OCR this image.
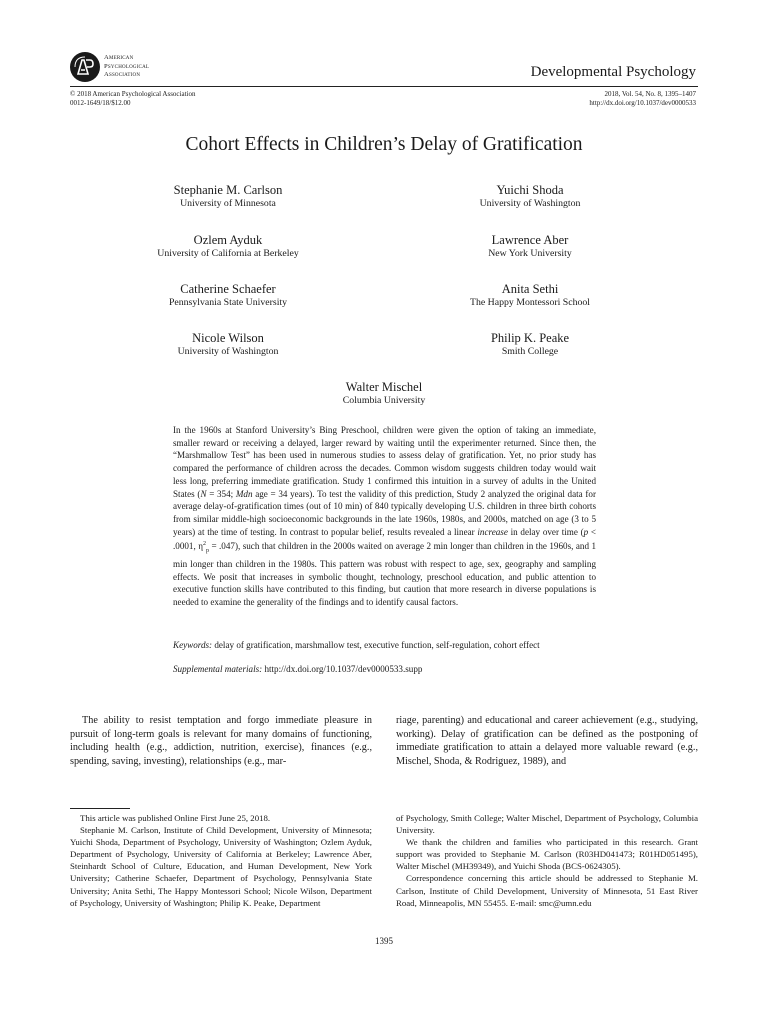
American
Psychological
Association	Developmental Psychology
© 2018 American Psychological Association
0012-1649/18/$12.00
2018, Vol. 54, No. 8, 1395–1407
http://dx.doi.org/10.1037/dev0000533
Cohort Effects in Children’s Delay of Gratification
Stephanie M. Carlson
University of Minnesota
Yuichi Shoda
University of Washington
Ozlem Ayduk
University of California at Berkeley
Lawrence Aber
New York University
Catherine Schaefer
Pennsylvania State University
Anita Sethi
The Happy Montessori School
Nicole Wilson
University of Washington
Philip K. Peake
Smith College
Walter Mischel
Columbia University

In the 1960s at Stanford University’s Bing Preschool, children were given the option of taking an immediate, smaller reward or receiving a delayed, larger reward by waiting until the experimenter returned. Since then, the “Marshmallow Test” has been used in numerous studies to assess delay of gratification. Yet, no prior study has compared the performance of children across the decades. Common wisdom suggests children today would wait less long, preferring immediate gratification. Study 1 confirmed this intuition in a survey of adults in the United States (N = 354; Mdn age = 34 years). To test the validity of this prediction, Study 2 analyzed the original data for average delay-of-gratification times (out of 10 min) of 840 typically developing U.S. children in three birth cohorts from similar middle-high socioeconomic backgrounds in the late 1960s, 1980s, and 2000s, matched on age (3 to 5 years) at the time of testing. In contrast to popular belief, results revealed a linear increase in delay over time (p < .0001, $\eta^2_p = .047$), such that children in the 2000s waited on average 2 min longer than children in the 1960s, and 1 min longer than children in the 1980s. This pattern was robust with respect to age, sex, geography and sampling effects. We posit that increases in symbolic thought, technology, preschool education, and public attention to executive function skills have contributed to this finding, but caution that more research in diverse populations is needed to examine the generality of the findings and to identify causal factors.

Keywords: delay of gratification, marshmallow test, executive function, self-regulation, cohort effect
Supplemental materials: http://dx.doi.org/10.1037/dev0000533.supp
The ability to resist temptation and forgo immediate pleasure in pursuit of long-term goals is relevant for many domains of functioning, including health (e.g., addiction, nutrition, exercise), finances (e.g., spending, saving, investing), relationships (e.g., mar-
riage, parenting) and educational and career achievement (e.g., studying, working). Delay of gratification can be defined as the postponing of immediate gratification to attain a delayed more valuable reward (e.g., Mischel, Shoda, & Rodriguez, 1989), and

This article was published Online First June 25, 2018.

Stephanie M. Carlson, Institute of Child Development, University of Minnesota; Yuichi Shoda, Department of Psychology, University of Washington; Ozlem Ayduk, Department of Psychology, University of California at Berkeley; Lawrence Aber, Steinhardt School of Culture, Education, and Human Development, New York University; Catherine Schaefer, Department of Psychology, Pennsylvania State University; Anita Sethi, The Happy Montessori School; Nicole Wilson, Department of Psychology, University of Washington; Philip K. Peake, Department

of Psychology, Smith College; Walter Mischel, Department of Psychology, Columbia University.

We thank the children and families who participated in this research. Grant support was provided to Stephanie M. Carlson (R03HD041473; R01HD051495), Walter Mischel (MH39349), and Yuichi Shoda (BCS-0624305).

Correspondence concerning this article should be addressed to Stephanie M. Carlson, Institute of Child Development, University of Minnesota, 51 East River Road, Minneapolis, MN 55455. E-mail: smc@umn.edu

1395
